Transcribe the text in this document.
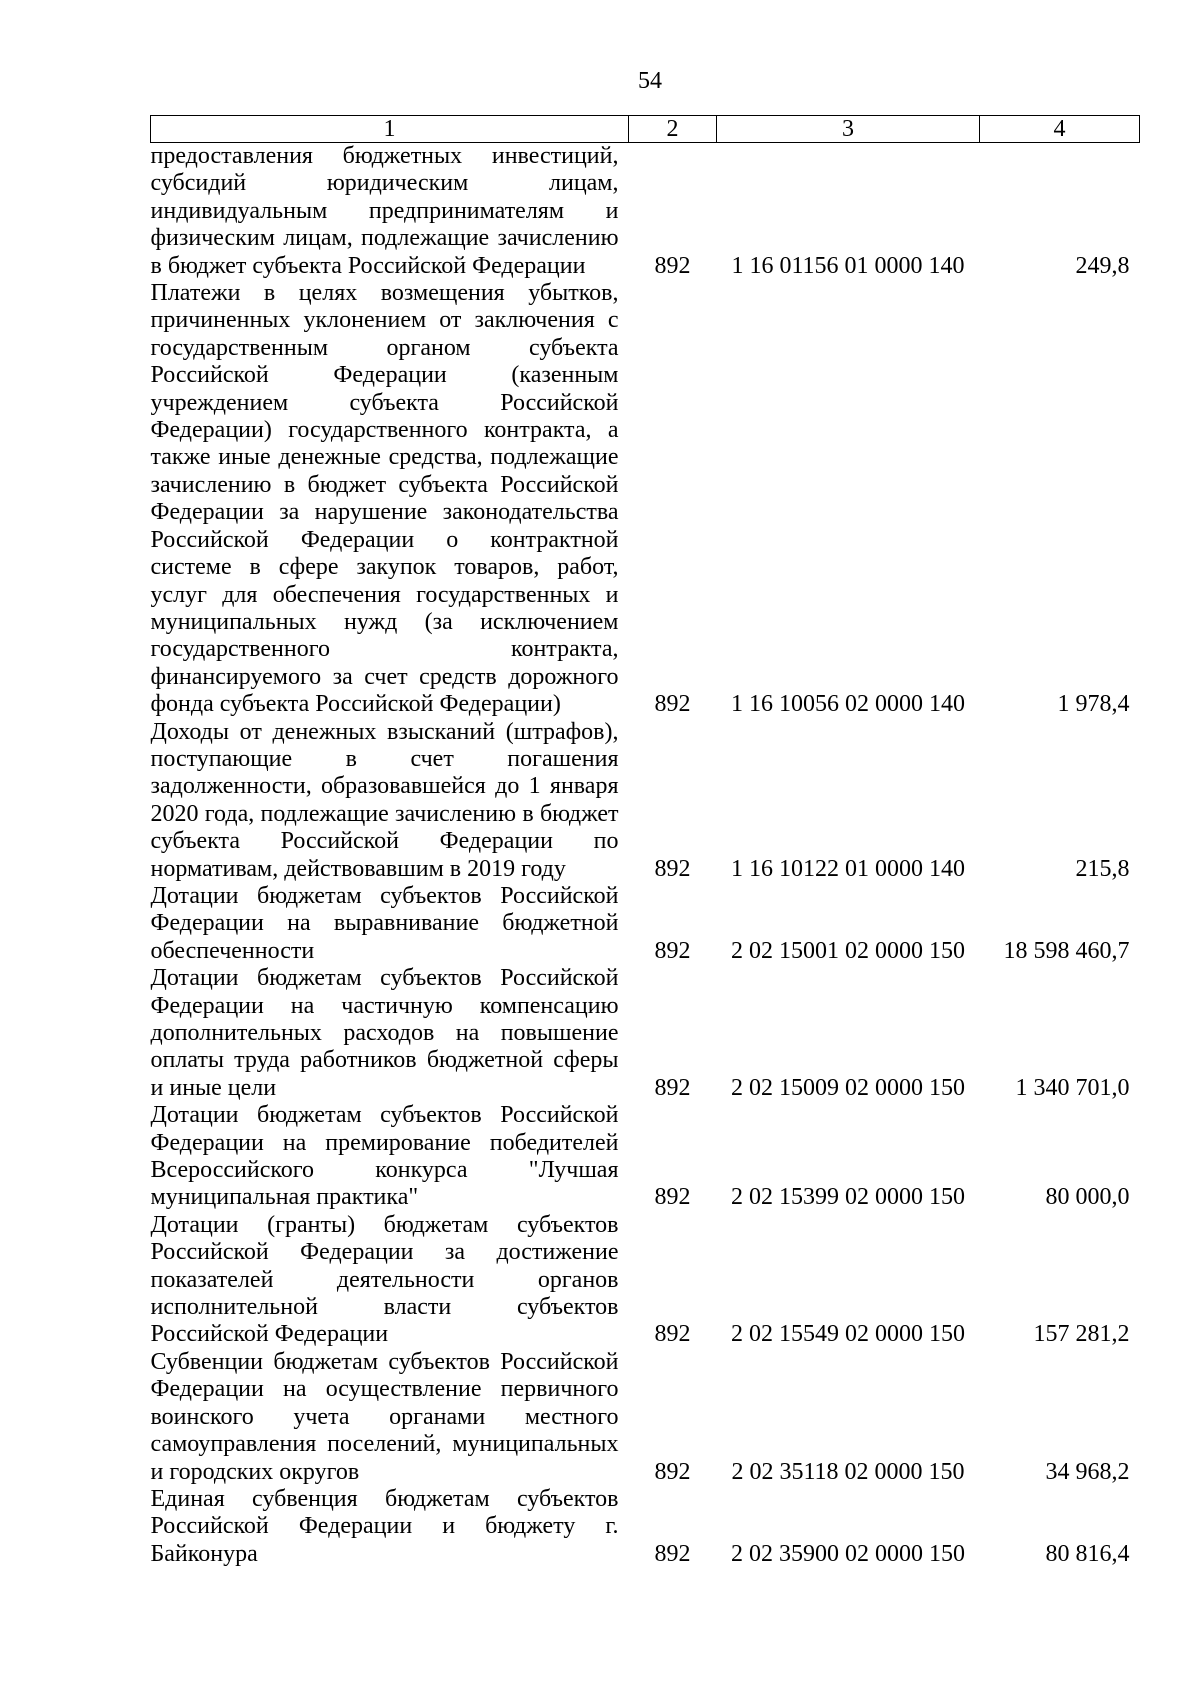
54
1	2	3	4
предоставления бюджетных инвестиций, субсидий юридическим лицам, индивидуальным предпринимателям и физическим лицам, подлежащие зачислению в бюджет субъекта Российской Федерации	892	1 16 01156 01 0000 140	249,8
Платежи в целях возмещения убытков, причиненных уклонением от заключения с государственным органом субъекта Российской Федерации (казенным учреждением субъекта Российской Федерации) государственного контракта, а также иные денежные средства, подлежащие зачислению в бюджет субъекта Российской Федерации за нарушение законодательства Российской Федерации о контрактной системе в сфере закупок товаров, работ, услуг для обеспечения государственных и муниципальных нужд (за исключением государственного контракта, финансируемого за счет средств дорожного фонда субъекта Российской Федерации)	892	1 16 10056 02 0000 140	1 978,4
Доходы от денежных взысканий (штрафов), поступающие в счет погашения задолженности, образовавшейся до 1 января 2020 года, подлежащие зачислению в бюджет субъекта Российской Федерации по нормативам, действовавшим в 2019 году	892	1 16 10122 01 0000 140	215,8
Дотации бюджетам субъектов Российской Федерации на выравнивание бюджетной обеспеченности	892	2 02 15001 02 0000 150	18 598 460,7
Дотации бюджетам субъектов Российской Федерации на частичную компенсацию дополнительных расходов на повышение оплаты труда работников бюджетной сферы и иные цели	892	2 02 15009 02 0000 150	1 340 701,0
Дотации бюджетам субъектов Российской Федерации на премирование победителей Всероссийского конкурса "Лучшая муниципальная практика"	892	2 02 15399 02 0000 150	80 000,0
Дотации (гранты) бюджетам субъектов Российской Федерации за достижение показателей деятельности органов исполнительной власти субъектов Российской Федерации	892	2 02 15549 02 0000 150	157 281,2
Субвенции бюджетам субъектов Российской Федерации на осуществление первичного воинского учета органами местного самоуправления поселений, муниципальных и городских округов	892	2 02 35118 02 0000 150	34 968,2
Единая субвенция бюджетам субъектов Российской Федерации и бюджету г. Байконура	892	2 02 35900 02 0000 150	80 816,4
